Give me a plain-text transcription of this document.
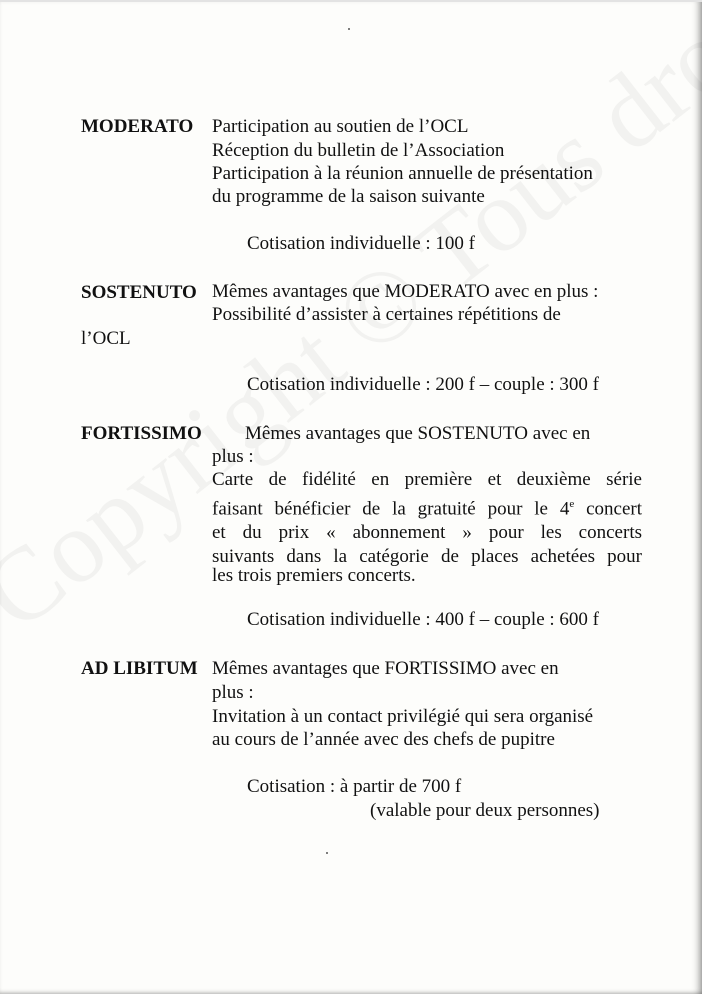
MODERATO Participation au soutien de l’OCL
Réception du bulletin de l’Association
Participation à la réunion annuelle de présentation
du programme de la saison suivante
Cotisation individuelle : 100 f
SOSTENUTO Mêmes avantages que MODERATO avec en plus :
Possibilité d’assister à certaines répétitions de
l’OCL
Cotisation individuelle : 200 f – couple : 300 f
FORTISSIMO Mêmes avantages que SOSTENUTO avec en
plus :
Carte de fidélité en première et deuxième série
faisant bénéficier de la gratuité pour le 4e concert
et du prix « abonnement » pour les concerts
suivants dans la catégorie de places achetées pour
les trois premiers concerts.
Cotisation individuelle : 400 f – couple : 600 f
AD LIBITUM Mêmes avantages que FORTISSIMO avec en
plus :
Invitation à un contact privilégié qui sera organisé
au cours de l’année avec des chefs de pupitre
Cotisation : à partir de 700 f
(valable pour deux personnes)
